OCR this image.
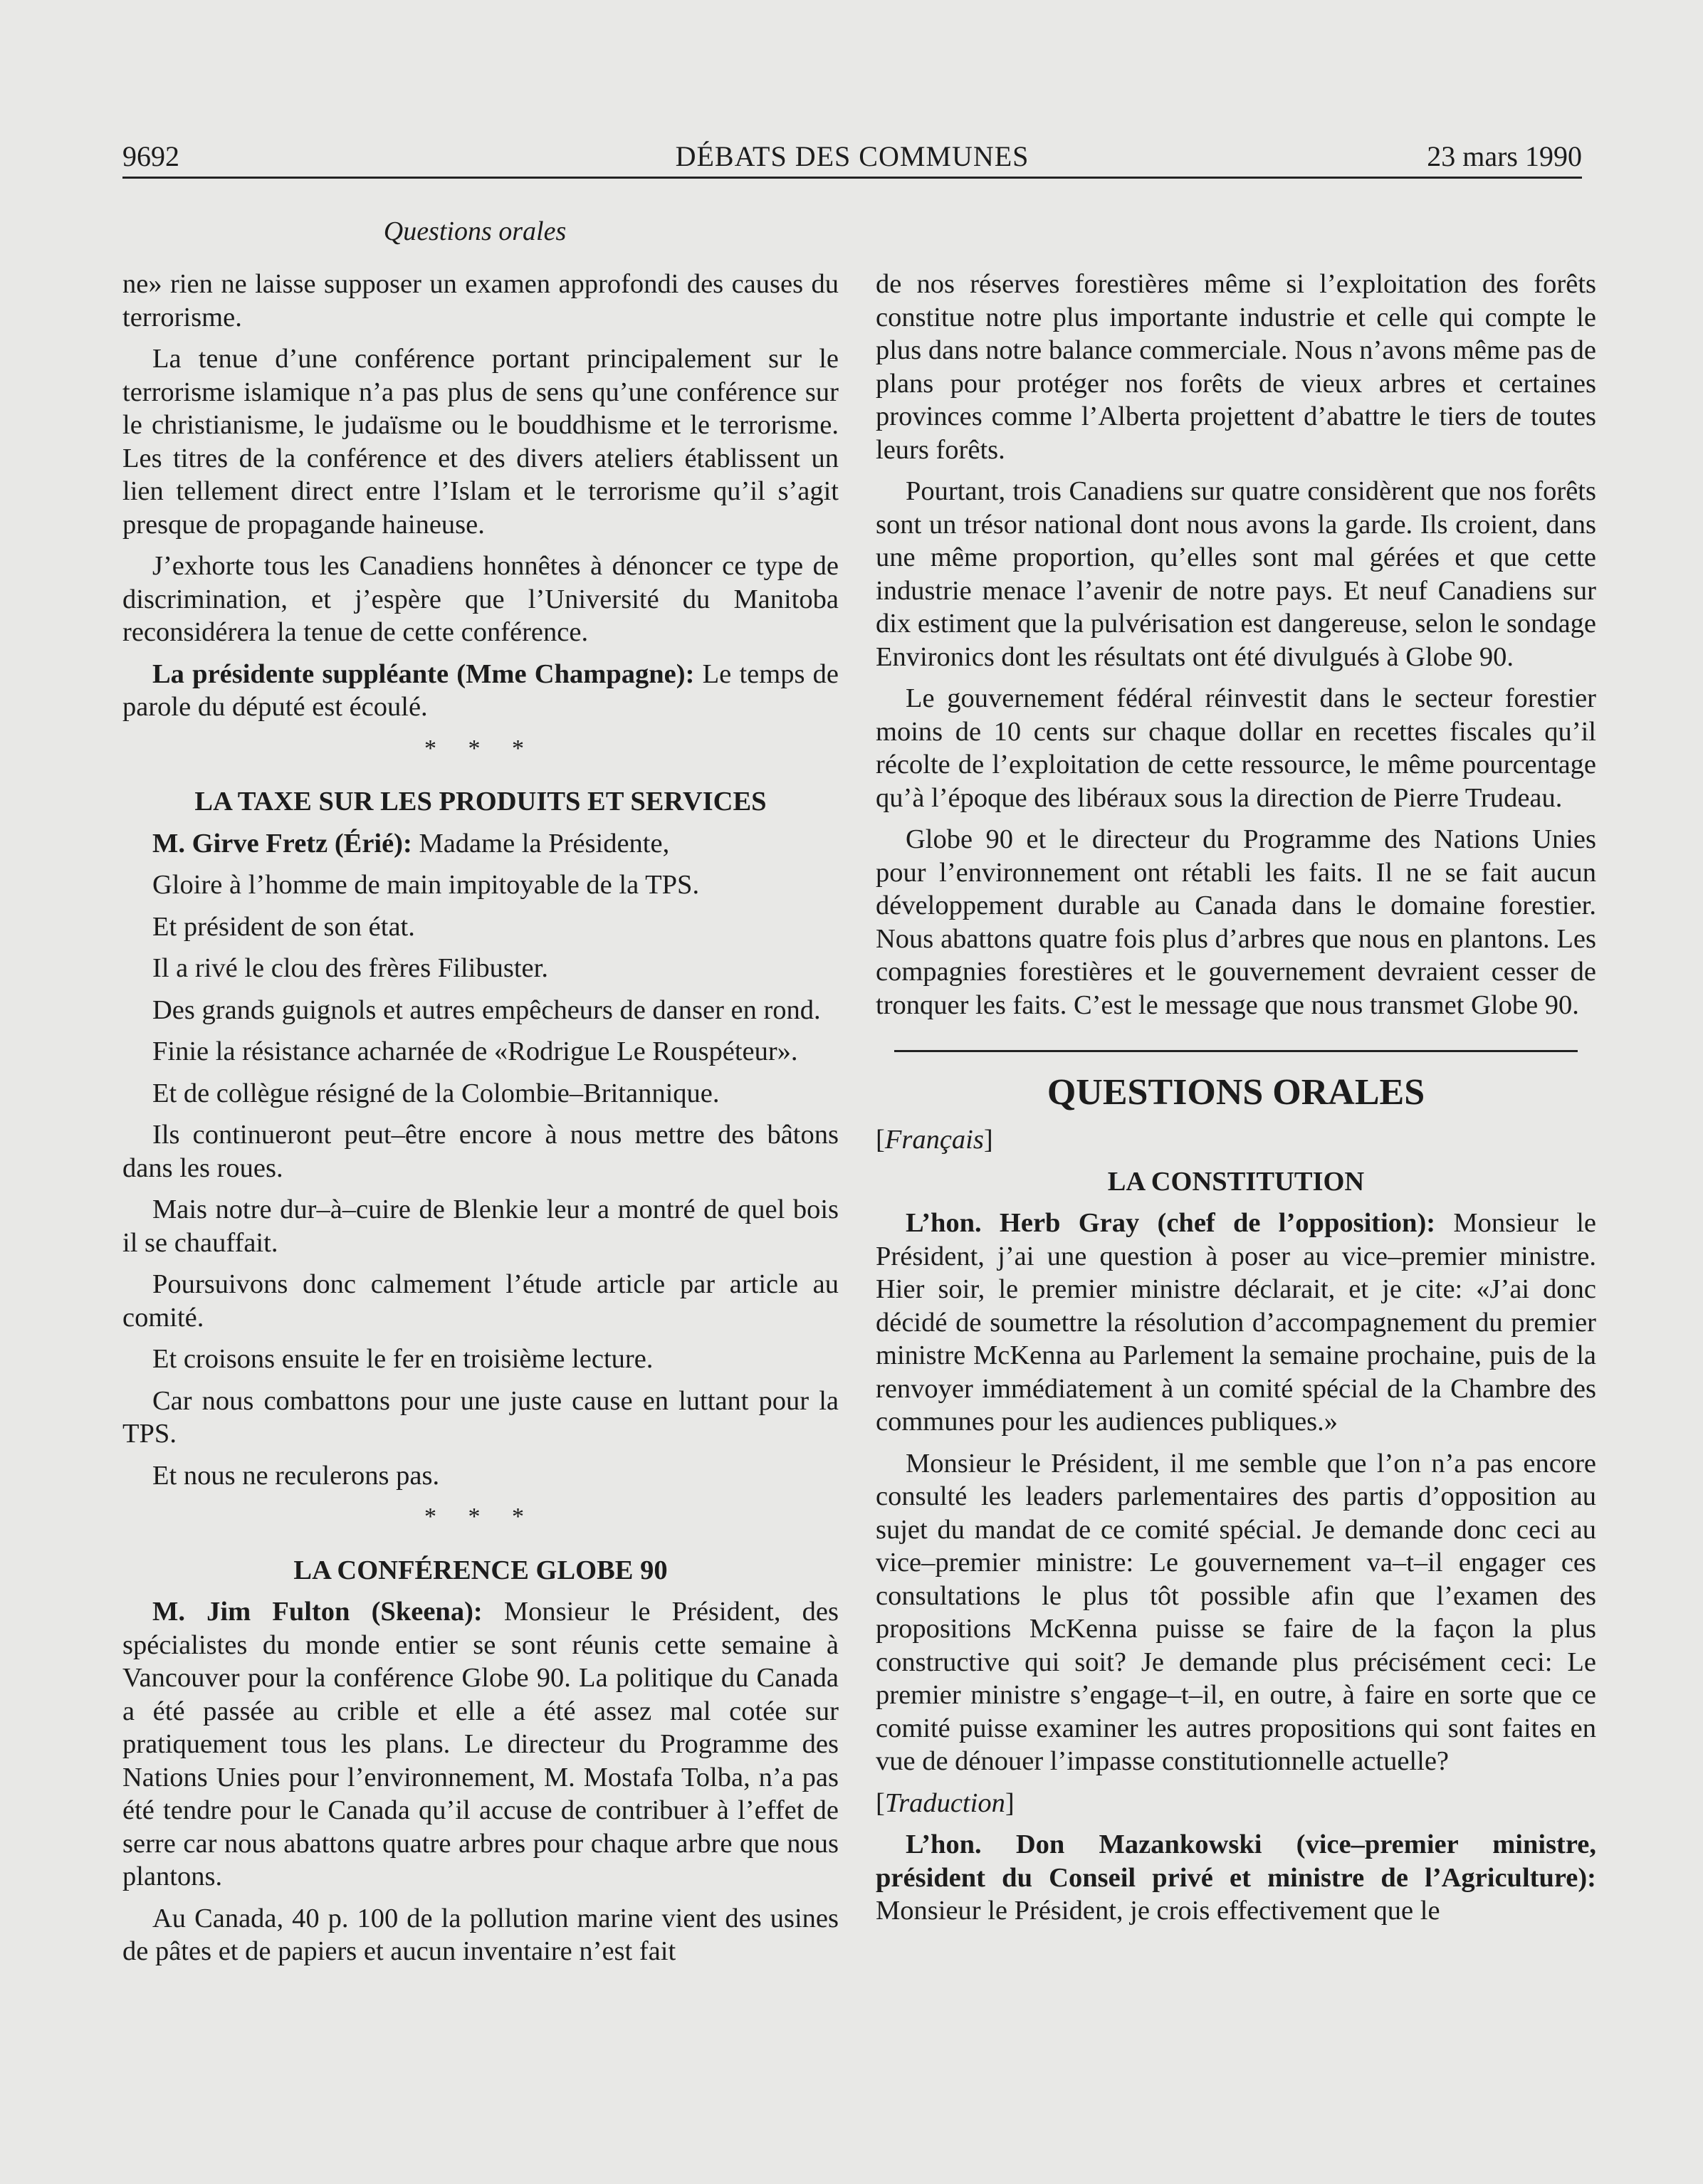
9692	DÉBATS DES COMMUNES	23 mars 1990
Questions orales

ne» rien ne laisse supposer un examen approfondi des causes du terrorisme.

La tenue d’une conférence portant principalement sur le terrorisme islamique n’a pas plus de sens qu’une conférence sur le christianisme, le judaïsme ou le bouddhisme et le terrorisme. Les titres de la conférence et des divers ateliers établissent un lien tellement direct entre l’Islam et le terrorisme qu’il s’agit presque de propagande haineuse.

J’exhorte tous les Canadiens honnêtes à dénoncer ce type de discrimination, et j’espère que l’Université du Manitoba reconsidérera la tenue de cette conférence.

La présidente suppléante (Mme Champagne): Le temps de parole du député est écoulé.

* * *
LA TAXE SUR LES PRODUITS ET SERVICES

M. Girve Fretz (Érié): Madame la Présidente,

Gloire à l’homme de main impitoyable de la TPS.

Et président de son état.

Il a rivé le clou des frères Filibuster.

Des grands guignols et autres empêcheurs de danser en rond.

Finie la résistance acharnée de «Rodrigue Le Rouspéteur».

Et de collègue résigné de la Colombie–Britannique.

Ils continueront peut–être encore à nous mettre des bâtons dans les roues.

Mais notre dur–à–cuire de Blenkie leur a montré de quel bois il se chauffait.

Poursuivons donc calmement l’étude article par article au comité.

Et croisons ensuite le fer en troisième lecture.

Car nous combattons pour une juste cause en luttant pour la TPS.

Et nous ne reculerons pas.

* * *
LA CONFÉRENCE GLOBE 90

M. Jim Fulton (Skeena): Monsieur le Président, des spécialistes du monde entier se sont réunis cette semaine à Vancouver pour la conférence Globe 90. La politique du Canada a été passée au crible et elle a été assez mal cotée sur pratiquement tous les plans. Le directeur du Programme des Nations Unies pour l’environnement, M. Mostafa Tolba, n’a pas été tendre pour le Canada qu’il accuse de contribuer à l’effet de serre car nous abattons quatre arbres pour chaque arbre que nous plantons.

Au Canada, 40 p. 100 de la pollution marine vient des usines de pâtes et de papiers et aucun inventaire n’est fait

de nos réserves forestières même si l’exploitation des forêts constitue notre plus importante industrie et celle qui compte le plus dans notre balance commerciale. Nous n’avons même pas de plans pour protéger nos forêts de vieux arbres et certaines provinces comme l’Alberta projettent d’abattre le tiers de toutes leurs forêts.

Pourtant, trois Canadiens sur quatre considèrent que nos forêts sont un trésor national dont nous avons la garde. Ils croient, dans une même proportion, qu’elles sont mal gérées et que cette industrie menace l’avenir de notre pays. Et neuf Canadiens sur dix estiment que la pulvérisation est dangereuse, selon le sondage Environics dont les résultats ont été divulgués à Globe 90.

Le gouvernement fédéral réinvestit dans le secteur forestier moins de 10 cents sur chaque dollar en recettes fiscales qu’il récolte de l’exploitation de cette ressource, le même pourcentage qu’à l’époque des libéraux sous la direction de Pierre Trudeau.

Globe 90 et le directeur du Programme des Nations Unies pour l’environnement ont rétabli les faits. Il ne se fait aucun développement durable au Canada dans le domaine forestier. Nous abattons quatre fois plus d’arbres que nous en plantons. Les compagnies forestières et le gouvernement devraient cesser de tronquer les faits. C’est le message que nous transmet Globe 90.

QUESTIONS ORALES
[Français]
LA CONSTITUTION

L’hon. Herb Gray (chef de l’opposition): Monsieur le Président, j’ai une question à poser au vice–premier ministre. Hier soir, le premier ministre déclarait, et je cite: «J’ai donc décidé de soumettre la résolution d’accompagnement du premier ministre McKenna au Parlement la semaine prochaine, puis de la renvoyer immédiatement à un comité spécial de la Chambre des communes pour les audiences publiques.»

Monsieur le Président, il me semble que l’on n’a pas encore consulté les leaders parlementaires des partis d’opposition au sujet du mandat de ce comité spécial. Je demande donc ceci au vice–premier ministre: Le gouvernement va–t–il engager ces consultations le plus tôt possible afin que l’examen des propositions McKenna puisse se faire de la façon la plus constructive qui soit? Je demande plus précisément ceci: Le premier ministre s’engage–t–il, en outre, à faire en sorte que ce comité puisse examiner les autres propositions qui sont faites en vue de dénouer l’impasse constitutionnelle actuelle?

[Traduction]

L’hon. Don Mazankowski (vice–premier ministre, président du Conseil privé et ministre de l’Agriculture): Monsieur le Président, je crois effectivement que le
